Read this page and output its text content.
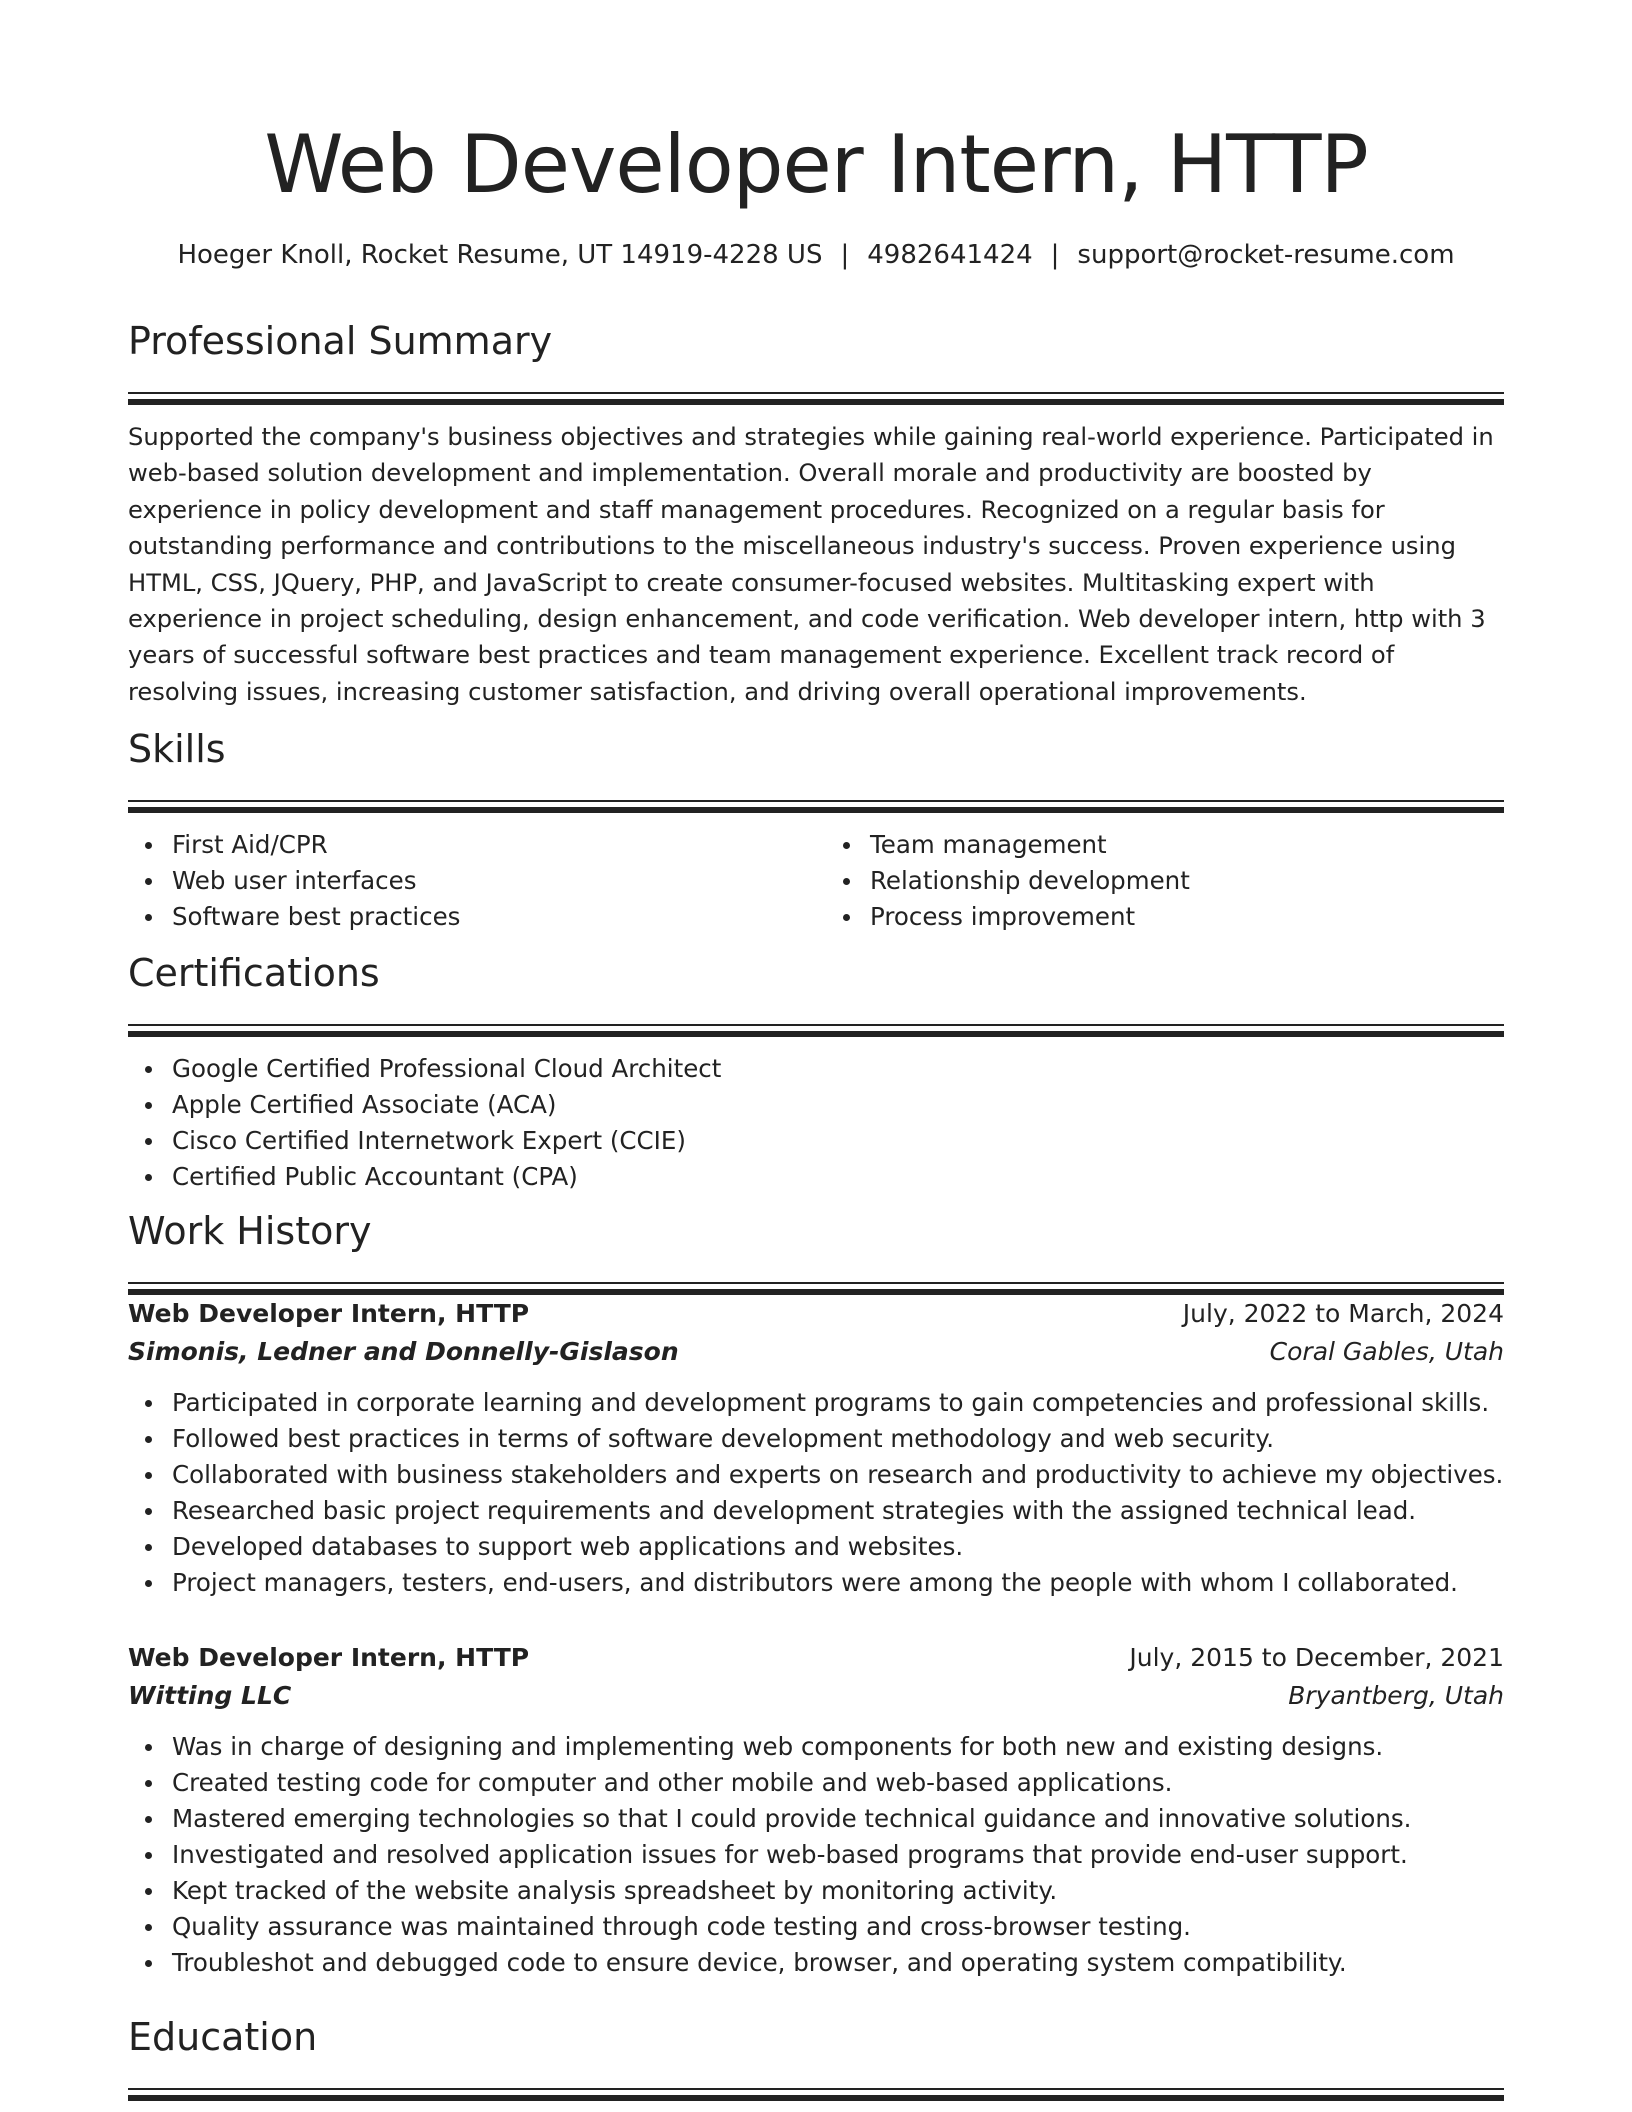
Web Developer Intern, HTTP
Hoeger Knoll, Rocket Resume, UT 14919-4228 US | 4982641424 | support@rocket-resume.com
Professional Summary

Supported the company's business objectives and strategies while gaining real-world experience. Participated in web-based solution development and implementation. Overall morale and productivity are boosted by experience in policy development and staff management procedures. Recognized on a regular basis for outstanding performance and contributions to the miscellaneous industry's success. Proven experience using HTML, CSS, JQuery, PHP, and JavaScript to create consumer-focused websites. Multitasking expert with experience in project scheduling, design enhancement, and code verification. Web developer intern, http with 3 years of successful software best practices and team management experience. Excellent track record of resolving issues, increasing customer satisfaction, and driving overall operational improvements.

Skills
First Aid/CPR
Web user interfaces
Software best practices
Team management
Relationship development
Process improvement
Certifications
Google Certified Professional Cloud Architect
Apple Certified Associate (ACA)
Cisco Certified Internetwork Expert (CCIE)
Certified Public Accountant (CPA)
Work History
Web Developer Intern, HTTP	July, 2022 to March, 2024
Simonis, Ledner and Donnelly-Gislason	Coral Gables, Utah
Participated in corporate learning and development programs to gain competencies and professional skills.
Followed best practices in terms of software development methodology and web security.
Collaborated with business stakeholders and experts on research and productivity to achieve my objectives.
Researched basic project requirements and development strategies with the assigned technical lead.
Developed databases to support web applications and websites.
Project managers, testers, end-users, and distributors were among the people with whom I collaborated.
Web Developer Intern, HTTP	July, 2015 to December, 2021
Witting LLC	Bryantberg, Utah
Was in charge of designing and implementing web components for both new and existing designs.
Created testing code for computer and other mobile and web-based applications.
Mastered emerging technologies so that I could provide technical guidance and innovative solutions.
Investigated and resolved application issues for web-based programs that provide end-user support.
Kept tracked of the website analysis spreadsheet by monitoring activity.
Quality assurance was maintained through code testing and cross-browser testing.
Troubleshot and debugged code to ensure device, browser, and operating system compatibility.
Education
